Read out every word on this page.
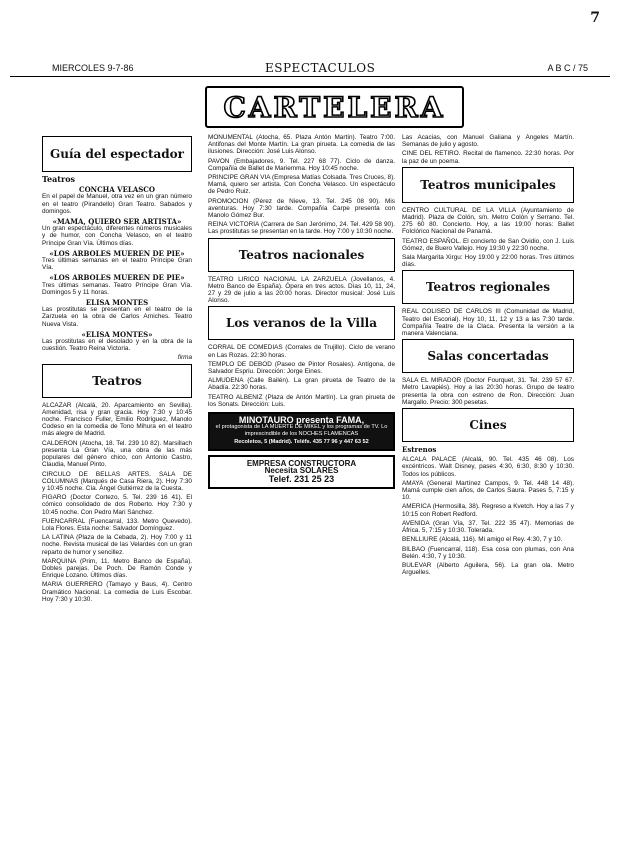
7
MIERCOLES 9-7-86	ESPECTACULOS	A B C / 75
CARTELERA
Guía del espectador
Teatros
CONCHA VELASCO

En el papel de Manuel, otra vez en un gran número en el teatro (Pirandello) Gran Teatro. Sabados y domingos.

«MAMA, QUIERO SER ARTISTA»

Un gran espectáculo, diferentes números musicales y de humor, con Concha Velasco, en el teatro Príncipe Gran Vía. Últimos días.

«LOS ARBOLES MUEREN DE PIE»

Tres últimas semanas en el teatro Príncipe Gran Vía.

«LOS ARBOLES MUEREN DE PIE»

Tres últimas semanas. Teatro Príncipe Gran Vía. Domingos 5 y 11 horas.

ELISA MONTES

Las prostitutas se presentan en el teatro de la Zarzuela en la obra de Carlos Arniches. Teatro Nueva Vista.

«ELISA MONTES»

Las prostitutas en el desolado y en la obra de la cuestión. Teatro Reina Victoria.

firma
Teatros

ALCAZAR (Alcalá, 20. Aparcamiento en Sevilla). Amenidad, risa y gran gracia. Hoy 7:30 y 10:45 noche. Francisco Fuller, Emilio Rodríguez, Manolo Codeso en la comedia de Tono Mihura en el teatro más alegre de Madrid.

CALDERON (Atocha, 18. Tel. 239 10 82). Marsillach presenta La Gran Vía, una obra de las más populares del género chico, con Antonio Castro, Claudia, Manuel Pinto.

CIRCULO DE BELLAS ARTES. SALA DE COLUMNAS (Marqués de Casa Riera, 2). Hoy 7:30 y 10:45 noche. Cía. Ángel Gutiérrez de la Cuesta.

FIGARO (Doctor Cortezo, 5. Tel. 239 16 41). El cómico consolidado de dos Roberto. Hoy 7:30 y 10:45 noche. Con Pedro Mari Sánchez.

FUENCARRAL (Fuencarral, 133. Metro Quevedo). Lola Flores. Esta noche: Salvador Domínguez.

LA LATINA (Plaza de la Cebada, 2). Hoy 7:00 y 11 noche. Revista musical de las Velardes con un gran reparto de humor y sencillez.

MARQUINA (Prim, 11. Metro Banco de España). Dobles parejas. De Poch. De Ramón Conde y Enrique Lozano. Últimos días.

MARIA GUERRERO (Tamayo y Baus, 4). Centro Dramático Nacional. La comedia de Luis Escobar. Hoy 7:30 y 10:30.

MONUMENTAL (Atocha, 65. Plaza Antón Martín). Teatro 7:00. Antifonas del Monte Martín. La gran pirueta. La comedia de las ilusiones. Dirección: José Luis Alonso.

PAVON (Embajadores, 9. Tel. 227 68 77). Ciclo de danza. Compañía de Ballet de Mariemma. Hoy 10:45 noche.

PRINCIPE GRAN VIA (Empresa Matías Colsada. Tres Cruces, 8). Mamá, quiero ser artista. Con Concha Velasco. Un espectáculo de Pedro Ruiz.

PROMOCION (Pérez de Nieve, 13. Tel. 245 08 90). Mis aventuras. Hoy 7:30 tarde. Compañía Carpe presenta con Manolo Gómez Bur.

REINA VICTORIA (Carrera de San Jerónimo, 24. Tel. 429 58 90). Las prostitutas se presentan en la tarde. Hoy 7:00 y 10:30 noche.

Teatros nacionales

TEATRO LIRICO NACIONAL LA ZARZUELA (Jovellanos, 4. Metro Banco de España). Ópera en tres actos. Días 10, 11, 24, 27 y 29 de julio a las 20:00 horas. Director musical: José Luis Alonso.

Los veranos de la Villa

CORRAL DE COMEDIAS (Corrales de Trujillo). Ciclo de verano en Las Rozas. 22:30 horas.

TEMPLO DE DEBOD (Paseo de Pintor Rosales). Antígona, de Salvador Espriu. Dirección: Jorge Eines.

ALMUDENA (Calle Bailén). La gran pirueta de Teatro de la Abadía. 22:30 horas.

TEATRO ALBENIZ (Plaza de Antón Martín). La gran pirueta de los Sonats. Dirección: Luis.

MINOTAURO presenta FAMA,
el protagonista de LA MUERTE DE MIKEL y los programas de TV. Lo imprescindible de los NOCHES FLAMENCAS
Recoletos, 5 (Madrid). Teléfs. 435 77 96 y 447 63 52
EMPRESA CONSTRUCTORA
Necesita SOLARES
Telef. 231 25 23

Las Acacias, con Manuel Galiana y Ángeles Martín. Semanas de julio y agosto.

CINE DEL RETIRO. Recital de flamenco. 22:30 horas. Por la paz de un poema.

Teatros municipales

CENTRO CULTURAL DE LA VILLA (Ayuntamiento de Madrid). Plaza de Colón, s/n. Metro Colón y Serrano. Tel. 275 60 80. Concierto. Hoy, a las 19:00 horas: Ballet Folclórico Nacional de Panamá.

TEATRO ESPAÑOL. El concierto de San Ovidio, con J. Luis Gómez, de Buero Vallejo. Hoy 19:30 y 22:30 noche.

Sala Margarita Xirgu: Hoy 19:00 y 22:00 horas. Tres últimos días.

Teatros regionales

REAL COLISEO DE CARLOS III (Comunidad de Madrid, Teatro del Escorial). Hoy 10, 11, 12 y 13 a las 7:30 tarde. Compañía Teatre de la Claca. Presenta la versión a la manera Valenciana.

Salas concertadas

SALA EL MIRADOR (Doctor Fourquet, 31. Tel. 239 57 67. Metro Lavapiés). Hoy a las 20:30 horas. Grupo de teatro presenta la obra con estreno de Ron. Dirección: Juan Margallo. Precio: 300 pesetas.

Cines
Estrenos

ALCALA PALACE (Alcalá, 90. Tel. 435 46 08). Los excéntricos. Walt Disney, pases 4:30, 6:30, 8:30 y 10:30. Todos los públicos.

AMAYA (General Martínez Campos, 9. Tel. 448 14 48). Mamá cumple cien años, de Carlos Saura. Pases 5, 7:15 y 10.

AMERICA (Hermosilla, 38). Regreso a Kvetch. Hoy a las 7 y 10:15 con Robert Redford.

AVENIDA (Gran Vía, 37. Tel. 222 35 47). Memorias de África. 5, 7:15 y 10:30. Tolerada.

BENLLIURE (Alcalá, 116). Mi amigo el Rey. 4:30, 7 y 10.

BILBAO (Fuencarral, 118). Esa cosa con plumas, con Ana Belén. 4:30, 7 y 10:30.

BULEVAR (Alberto Aguilera, 56). La gran ola. Metro Arguelles.
